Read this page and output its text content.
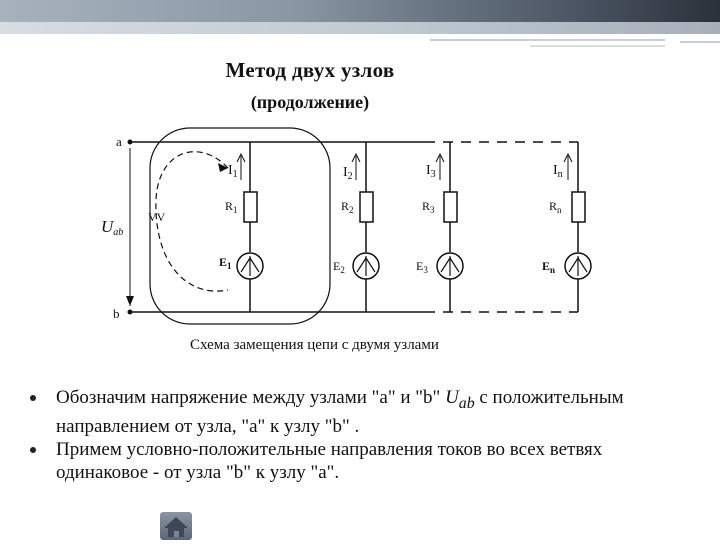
Метод двух узлов
(продолжение)
a
b
Uab
VV
$I_1$
$R_1$
$E_1$
$I_2$
$R_2$
$E_2$
$I_3$
$R_3$
$E_3$
$I_n$
$R_n$
$E_n$
Схема замещения цепи с двумя узлами
Обозначим напряжение между узлами "a" и "b" $U_{ab}$ с положительным направлением от узла, "a" к узлу "b" .
Примем условно-положительные направления токов во всех ветвях одинаковое - от узла "b" к узлу "a".
